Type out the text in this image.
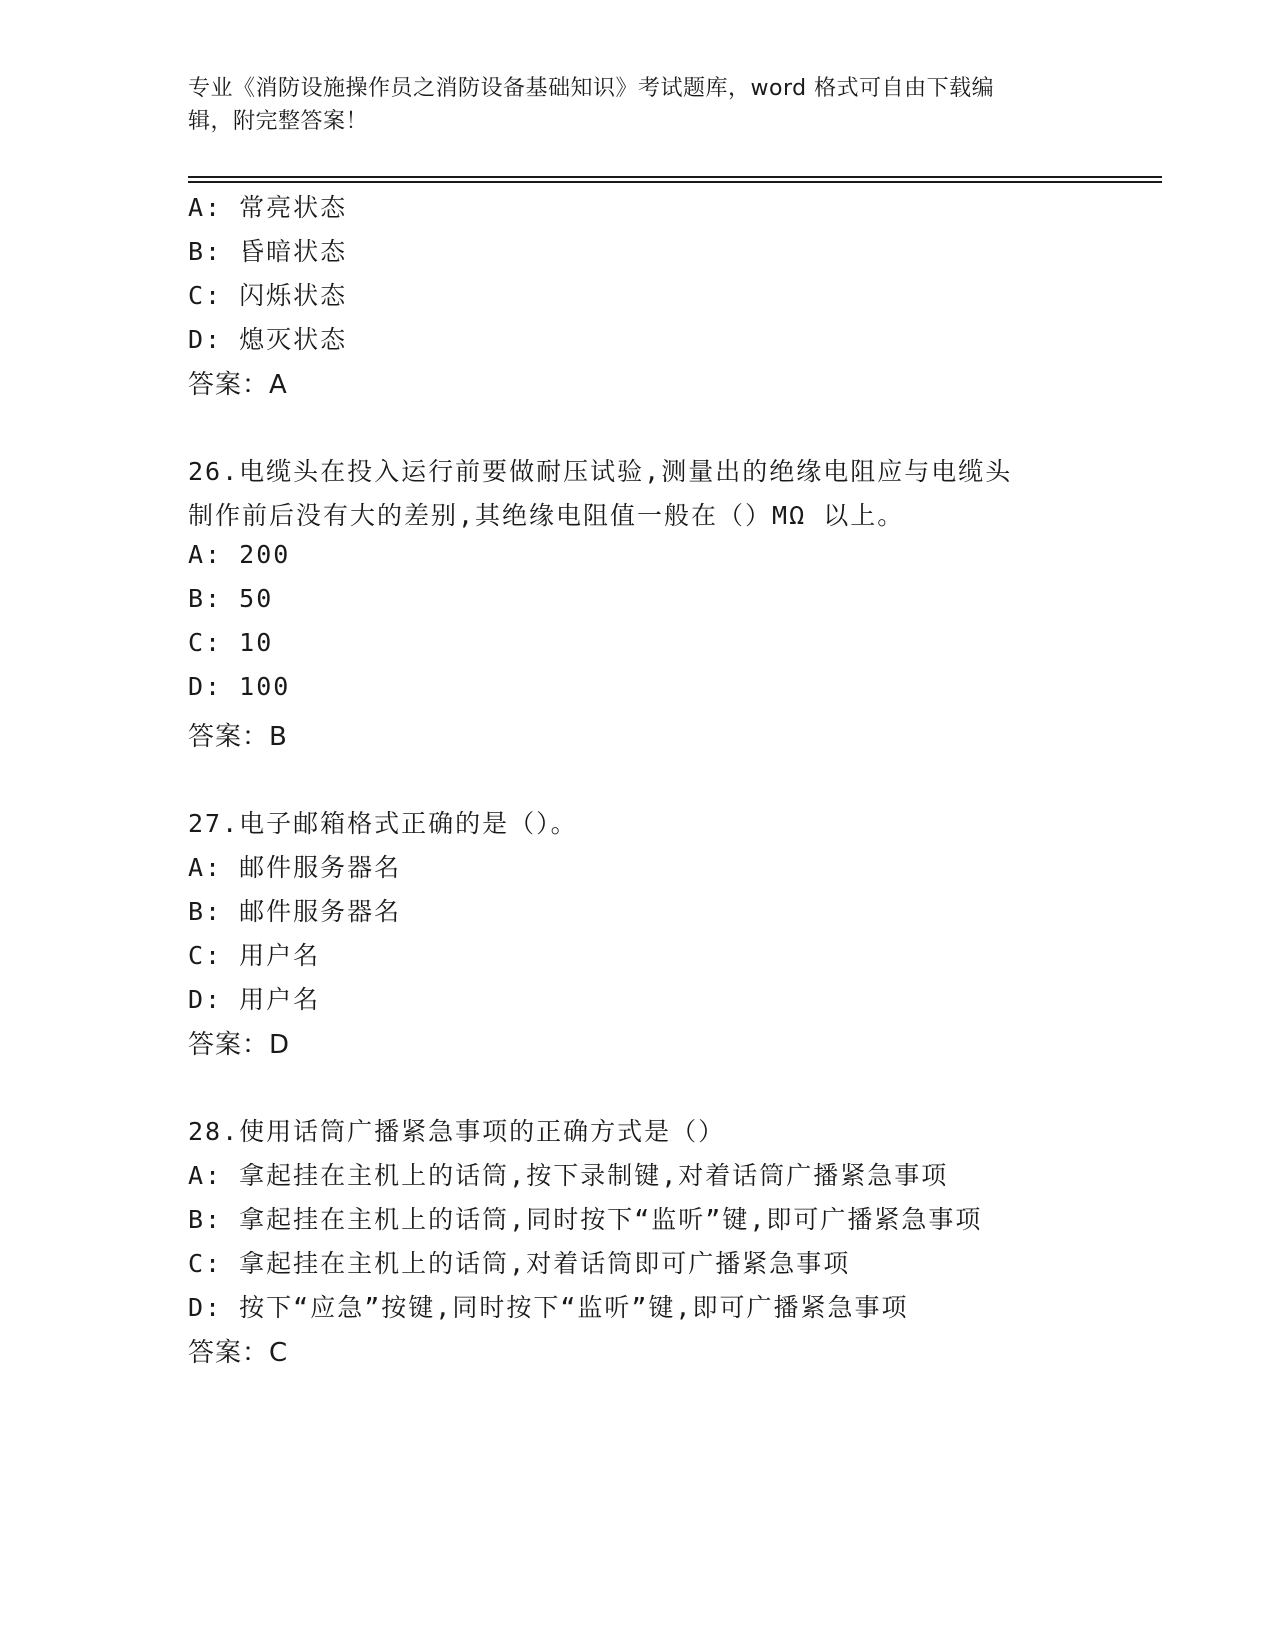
专业《消防设施操作员之消防设备基础知识》考试题库，word 格式可自由下载编
辑，附完整答案！
A: 常亮状态
B: 昏暗状态
C: 闪烁状态
D: 熄灭状态
答案：A
26.电缆头在投入运行前要做耐压试验,测量出的绝缘电阻应与电缆头
制作前后没有大的差别,其绝缘电阻值一般在（）MΩ 以上。
A: 200
B: 50
C: 10
D: 100
答案：B
27.电子邮箱格式正确的是（）。
A: 邮件服务器名
B: 邮件服务器名
C: 用户名
D: 用户名
答案：D
28.使用话筒广播紧急事项的正确方式是（）
A: 拿起挂在主机上的话筒,按下录制键,对着话筒广播紧急事项
B: 拿起挂在主机上的话筒,同时按下“监听”键,即可广播紧急事项
C: 拿起挂在主机上的话筒,对着话筒即可广播紧急事项
D: 按下“应急”按键,同时按下“监听”键,即可广播紧急事项
答案：C
